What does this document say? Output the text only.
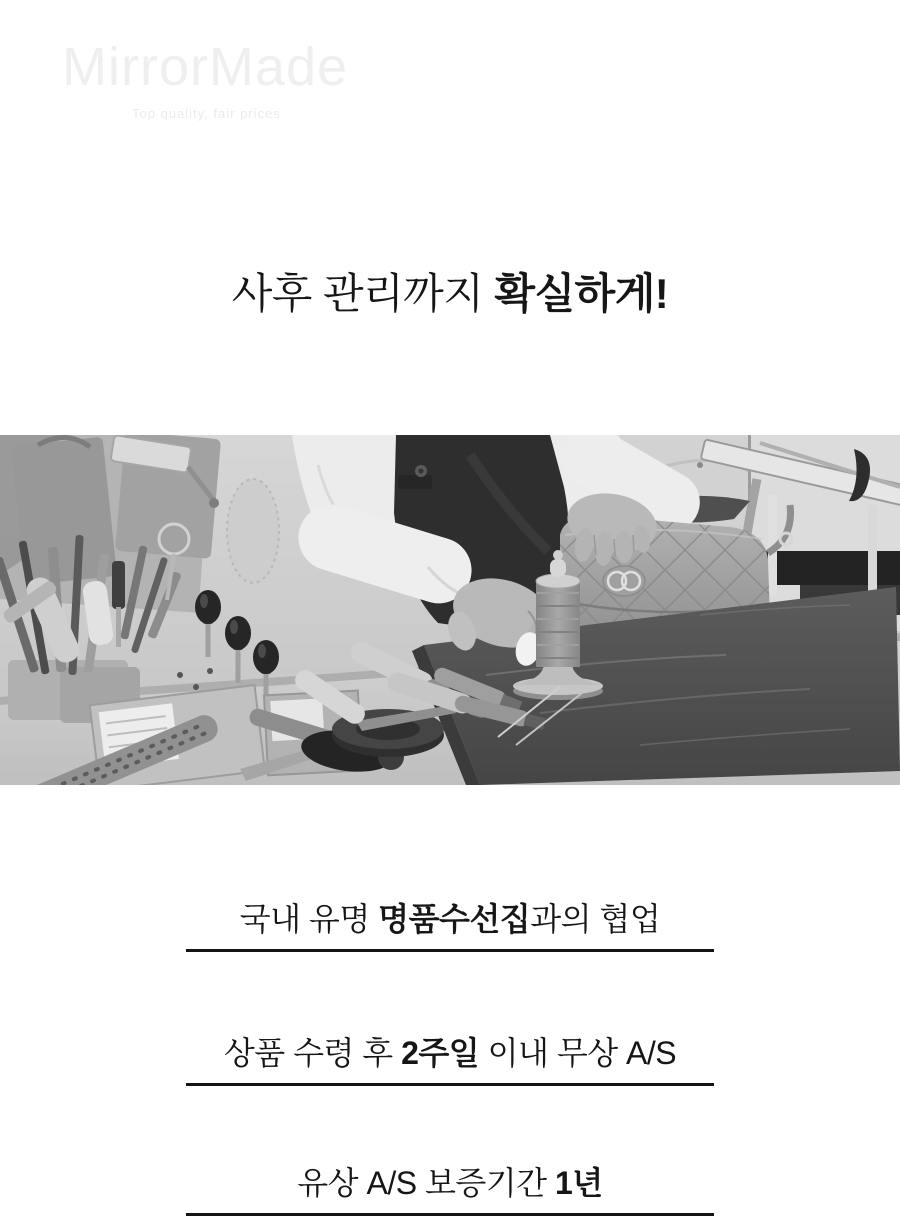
MirrorMade
Top quality, fair prices
사후 관리까지 확실하게!

국내 유명 명품수선집과의 협업

상품 수령 후 2주일 이내 무상 A/S

유상 A/S 보증기간 1년
